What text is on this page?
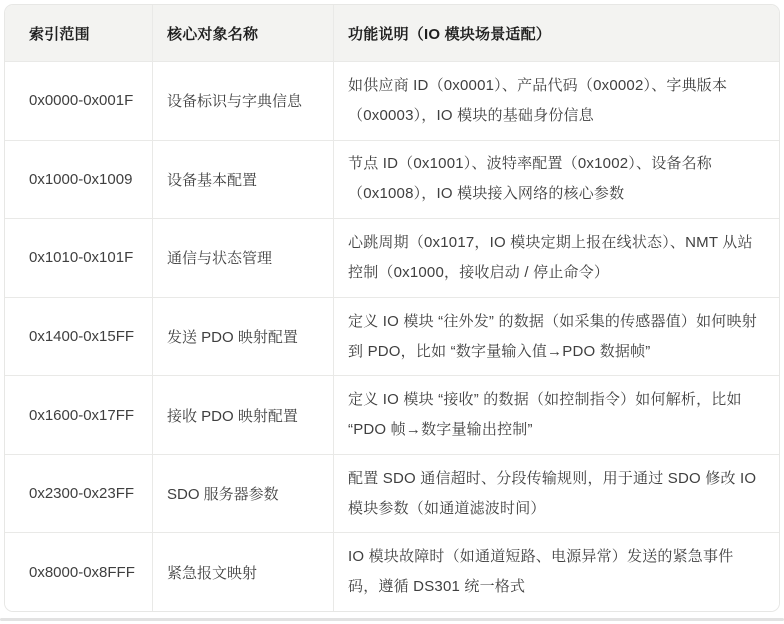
索引范围	核心对象名称	功能说明（IO 模块场景适配）
0x0000-0x001F 设备标识与字典信息
如供应商 ID（0x0001）、产品代码（0x0002）、字典版本（0x0003），IO 模块的基础身份信息
0x1000-0x1009 设备基本配置
节点 ID（0x1001）、波特率配置（0x1002）、设备名称（0x1008），IO 模块接入网络的核心参数
0x1010-0x101F 通信与状态管理
心跳周期（0x1017，IO 模块定期上报在线状态）、NMT 从站控制（0x1000，接收启动 / 停止命令）
0x1400-0x15FF 发送 PDO 映射配置
定义 IO 模块 “往外发” 的数据（如采集的传感器值）如何映射到 PDO，比如 “数字量输入值→PDO 数据帧”
0x1600-0x17FF 接收 PDO 映射配置
定义 IO 模块 “接收” 的数据（如控制指令）如何解析，比如 “PDO 帧→数字量输出控制”
0x2300-0x23FF SDO 服务器参数
配置 SDO 通信超时、分段传输规则，用于通过 SDO 修改 IO 模块参数（如通道滤波时间）
0x8000-0x8FFF 紧急报文映射
IO 模块故障时（如通道短路、电源异常）发送的紧急事件码，遵循 DS301 统一格式
